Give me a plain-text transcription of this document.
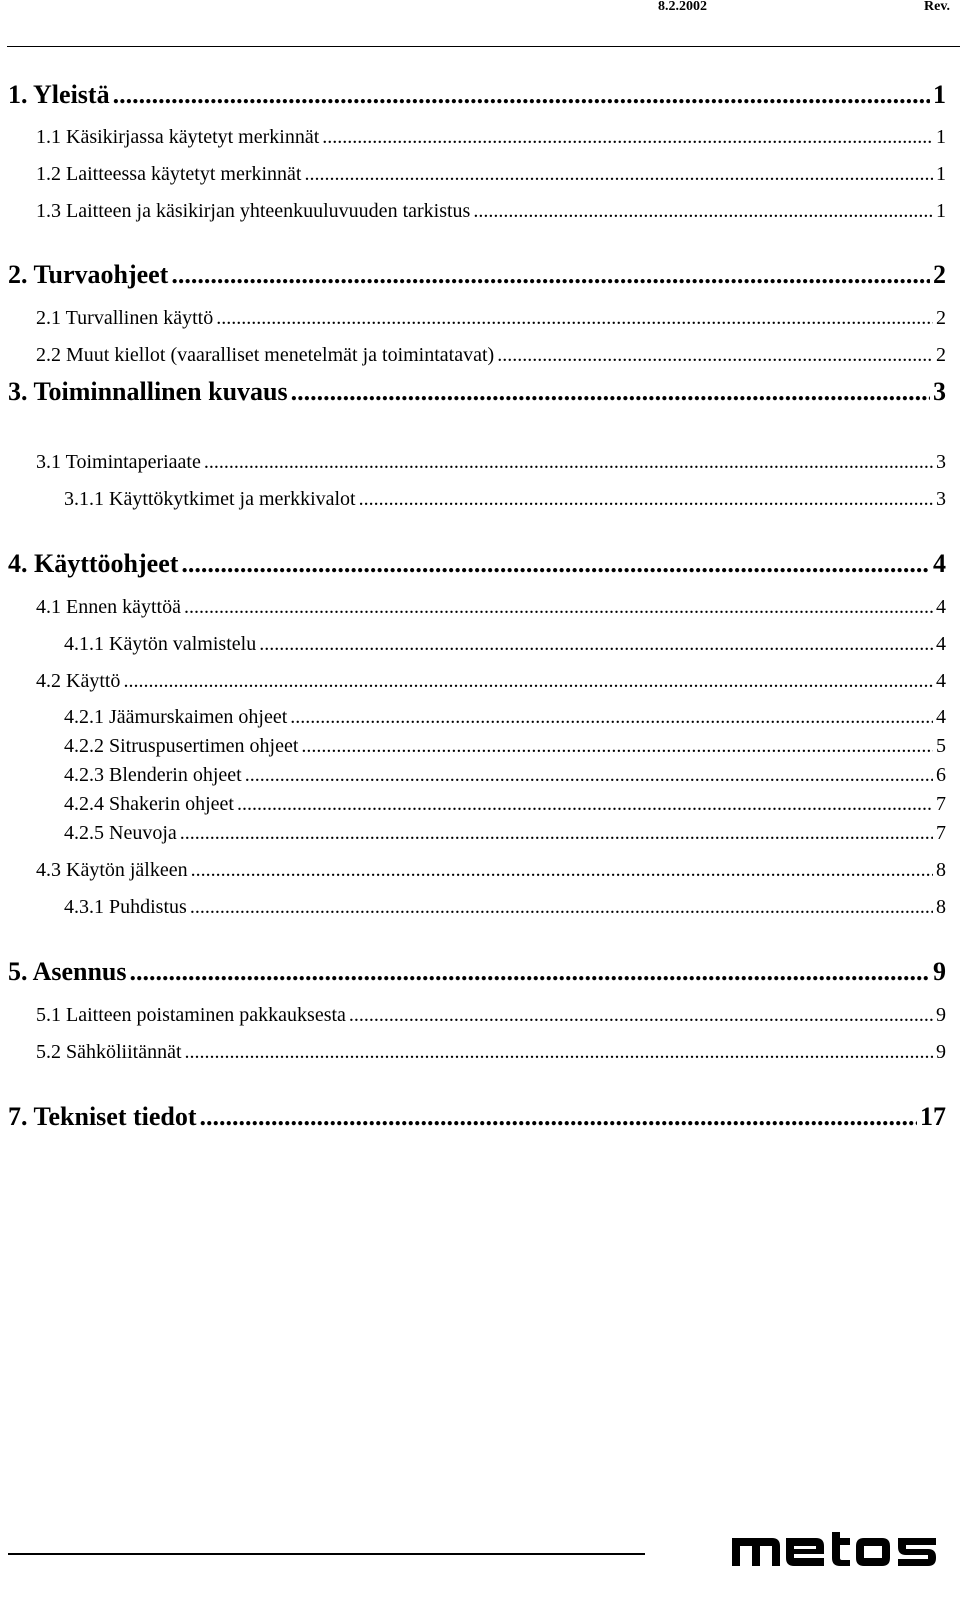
8.2.2002	Rev.
1. Yleistä .....	1
1.1 Käsikirjassa käytetyt merkinnät .....	1
1.2 Laitteessa käytetyt merkinnät .....	1
1.3 Laitteen ja käsikirjan yhteenkuuluvuuden tarkistus .....	1
2. Turvaohjeet .....	2
2.1 Turvallinen käyttö .....	2
2.2 Muut kiellot (vaaralliset menetelmät ja toimintatavat) .....	2
3. Toiminnallinen kuvaus .....	3
3.1 Toimintaperiaate .....	3
3.1.1 Käyttökytkimet ja merkkivalot .....	3
4. Käyttöohjeet .....	4
4.1 Ennen käyttöä .....	4
4.1.1 Käytön valmistelu .....	4
4.2 Käyttö .....	4
4.2.1 Jäämurskaimen ohjeet .....	4
4.2.2 Sitruspusertimen ohjeet .....	5
4.2.3 Blenderin ohjeet .....	6
4.2.4 Shakerin ohjeet .....	7
4.2.5 Neuvoja .....	7
4.3 Käytön jälkeen .....	8
4.3.1 Puhdistus .....	8
5. Asennus .....	9
5.1 Laitteen poistaminen pakkauksesta .....	9
5.2 Sähköliitännät .....	9
7. Tekniset tiedot .....	17
